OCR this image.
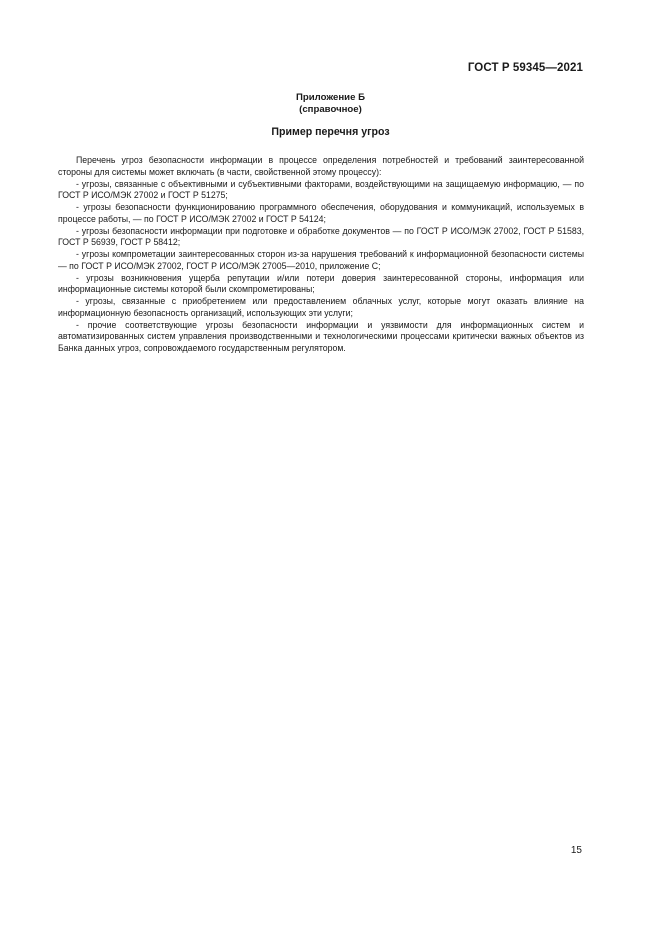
ГОСТ Р 59345—2021
Приложение Б
(справочное)
Пример перечня угроз

Перечень угроз безопасности информации в процессе определения потребностей и требований заинтересованной стороны для системы может включать (в части, свойственной этому процессу):

- угрозы, связанные с объективными и субъективными факторами, воздействующими на защищаемую информацию, — по ГОСТ Р ИСО/МЭК 27002 и ГОСТ Р 51275;

- угрозы безопасности функционированию программного обеспечения, оборудования и коммуникаций, используемых в процессе работы, — по ГОСТ Р ИСО/МЭК 27002 и ГОСТ Р 54124;

- угрозы безопасности информации при подготовке и обработке документов — по ГОСТ Р ИСО/МЭК 27002, ГОСТ Р 51583, ГОСТ Р 56939, ГОСТ Р 58412;

- угрозы компрометации заинтересованных сторон из-за нарушения требований к информационной безопасности системы — по ГОСТ Р ИСО/МЭК 27002, ГОСТ Р ИСО/МЭК 27005—2010, приложение С;

- угрозы возникновения ущерба репутации и/или потери доверия заинтересованной стороны, информация или информационные системы которой были скомпрометированы;

- угрозы, связанные с приобретением или предоставлением облачных услуг, которые могут оказать влияние на информационную безопасность организаций, использующих эти услуги;

- прочие соответствующие угрозы безопасности информации и уязвимости для информационных систем и автоматизированных систем управления производственными и технологическими процессами критически важных объектов из Банка данных угроз, сопровождаемого государственным регулятором.

15
